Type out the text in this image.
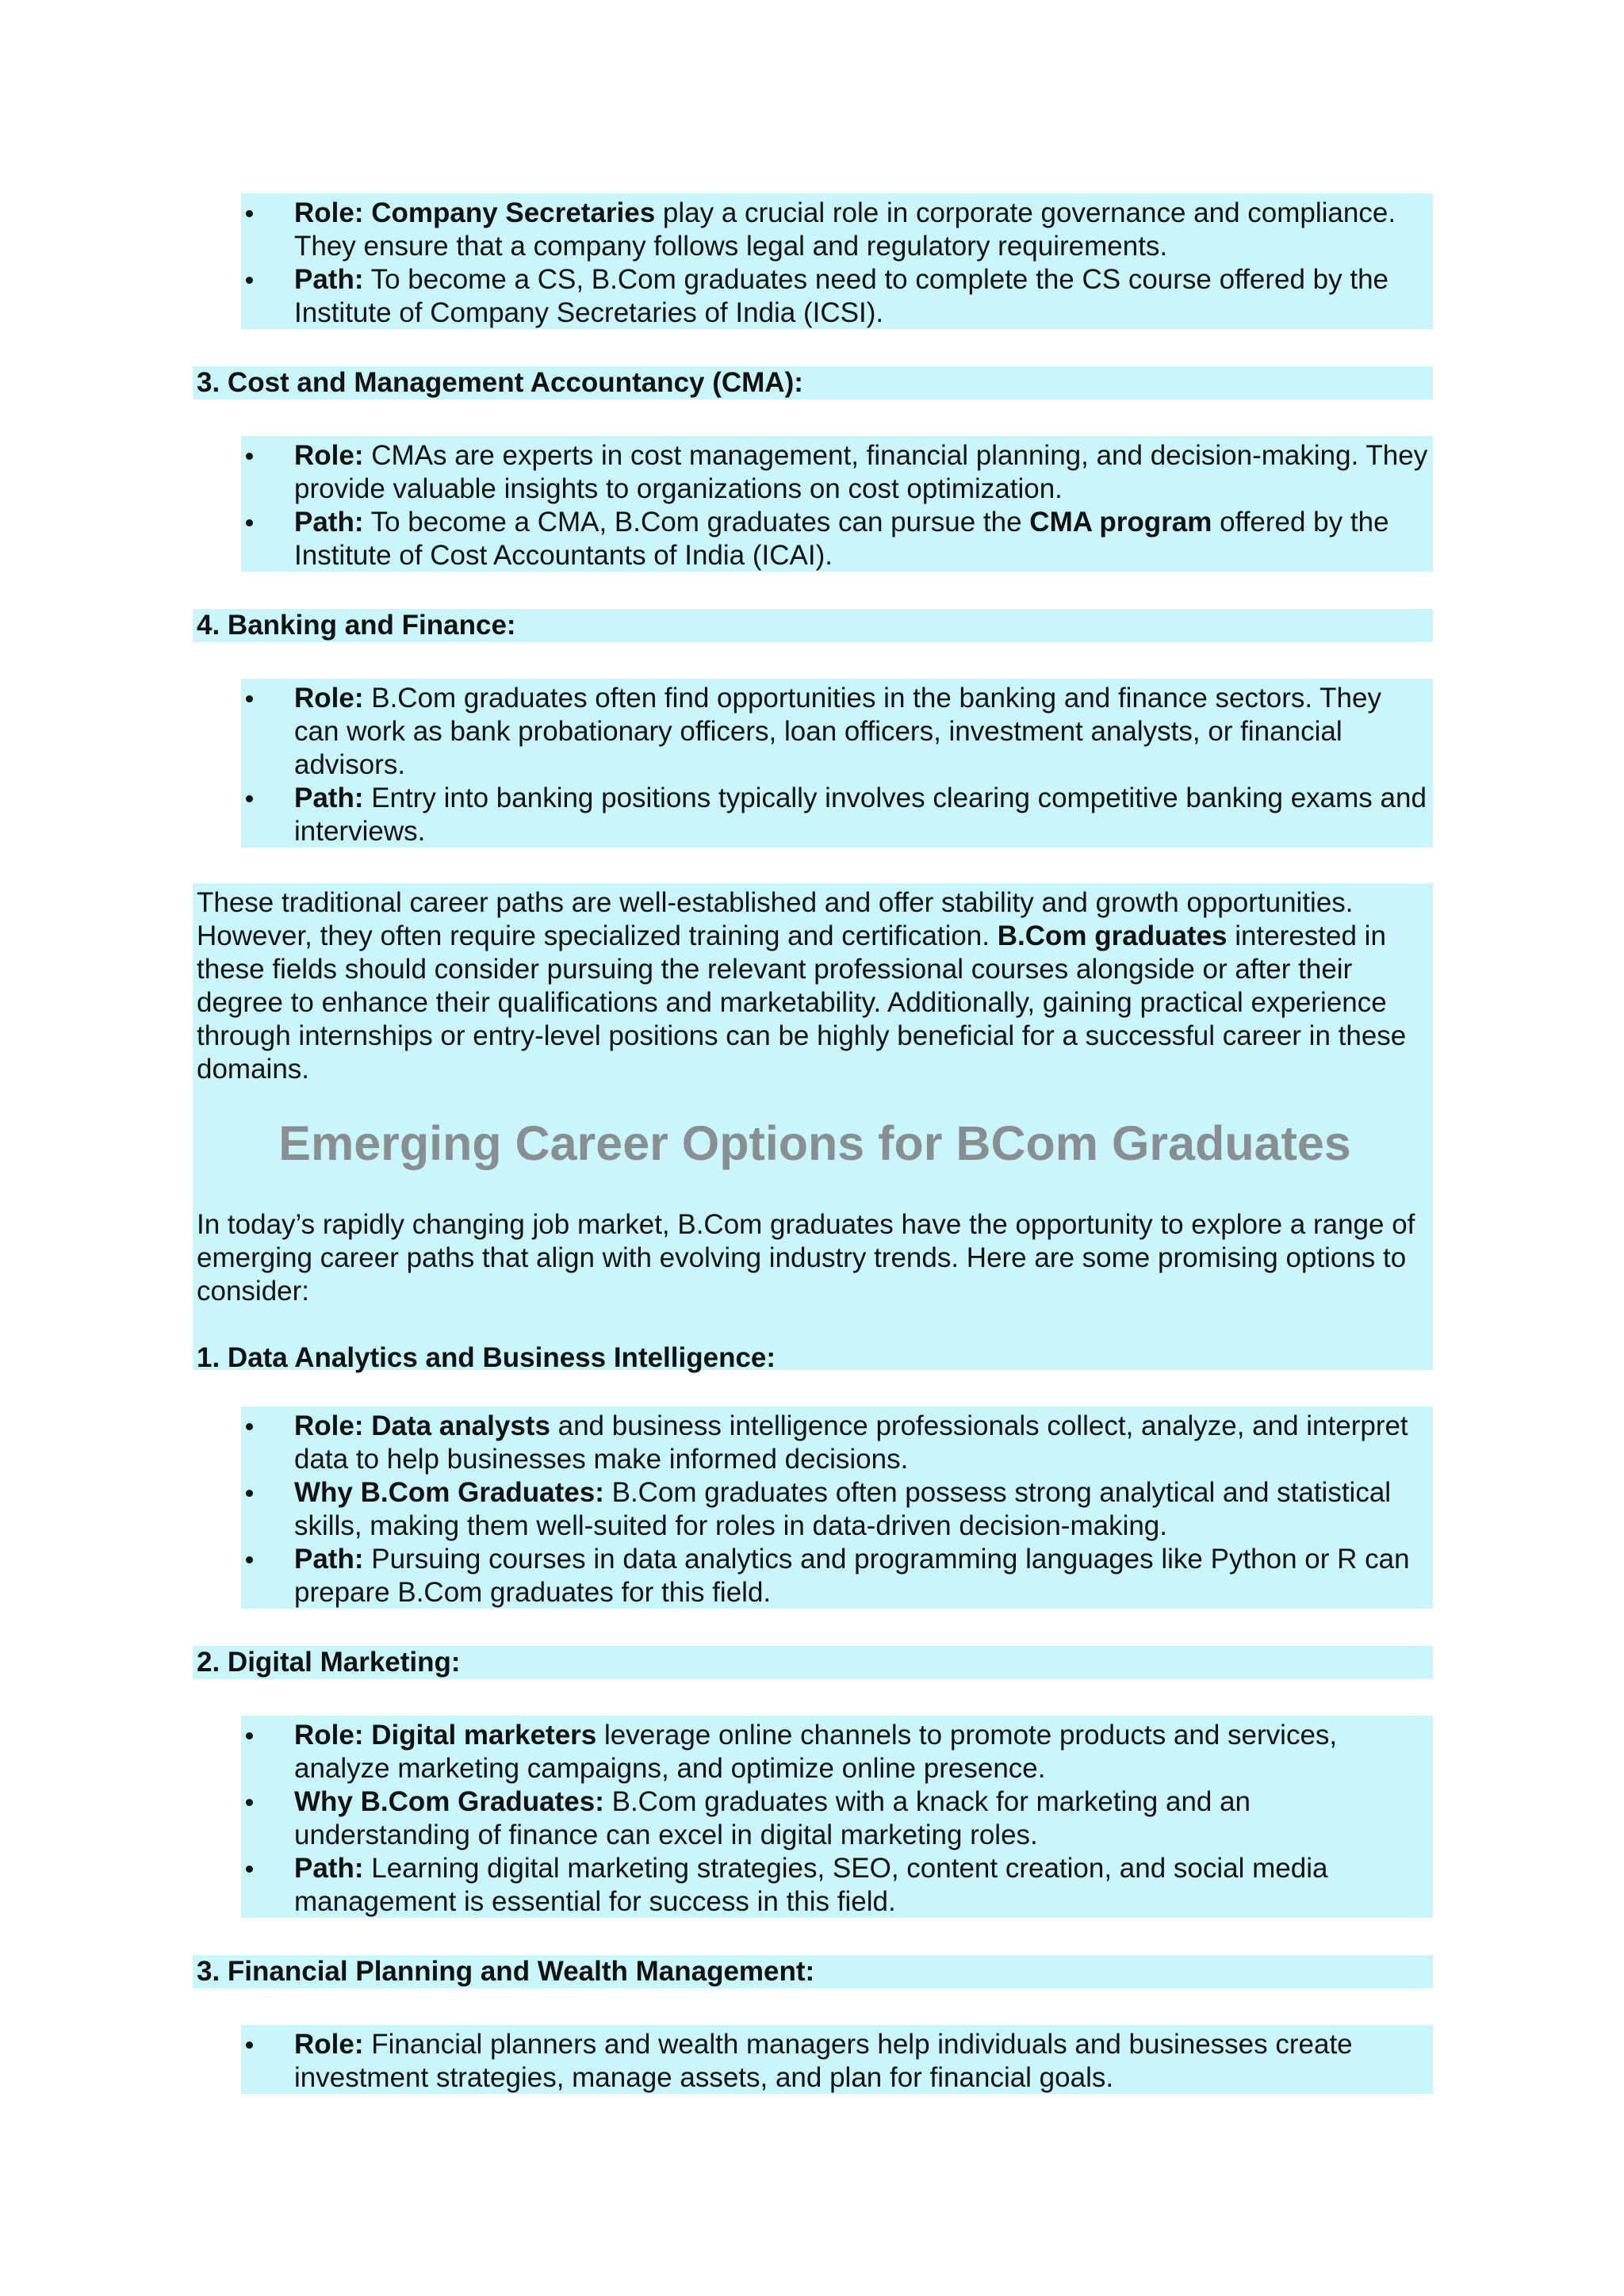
Role: Company Secretaries play a crucial role in corporate governance and compliance. They ensure that a company follows legal and regulatory requirements.
Path: To become a CS, B.Com graduates need to complete the CS course offered by the Institute of Company Secretaries of India (ICSI).
3. Cost and Management Accountancy (CMA):
Role: CMAs are experts in cost management, financial planning, and decision-making. They provide valuable insights to organizations on cost optimization.
Path: To become a CMA, B.Com graduates can pursue the CMA program offered by the Institute of Cost Accountants of India (ICAI).
4. Banking and Finance:
Role: B.Com graduates often find opportunities in the banking and finance sectors. They can work as bank probationary officers, loan officers, investment analysts, or financial advisors.
Path: Entry into banking positions typically involves clearing competitive banking exams and interviews.
These traditional career paths are well-established and offer stability and growth opportunities. However, they often require specialized training and certification. B.Com graduates interested in these fields should consider pursuing the relevant professional courses alongside or after their degree to enhance their qualifications and marketability. Additionally, gaining practical experience through internships or entry-level positions can be highly beneficial for a successful career in these domains.
Emerging Career Options for BCom Graduates
In today’s rapidly changing job market, B.Com graduates have the opportunity to explore a range of emerging career paths that align with evolving industry trends. Here are some promising options to consider:
1. Data Analytics and Business Intelligence:
Role: Data analysts and business intelligence professionals collect, analyze, and interpret data to help businesses make informed decisions.
Why B.Com Graduates: B.Com graduates often possess strong analytical and statistical skills, making them well-suited for roles in data-driven decision-making.
Path: Pursuing courses in data analytics and programming languages like Python or R can prepare B.Com graduates for this field.
2. Digital Marketing:
Role: Digital marketers leverage online channels to promote products and services, analyze marketing campaigns, and optimize online presence.
Why B.Com Graduates: B.Com graduates with a knack for marketing and an understanding of finance can excel in digital marketing roles.
Path: Learning digital marketing strategies, SEO, content creation, and social media management is essential for success in this field.
3. Financial Planning and Wealth Management:
Role: Financial planners and wealth managers help individuals and businesses create investment strategies, manage assets, and plan for financial goals.
